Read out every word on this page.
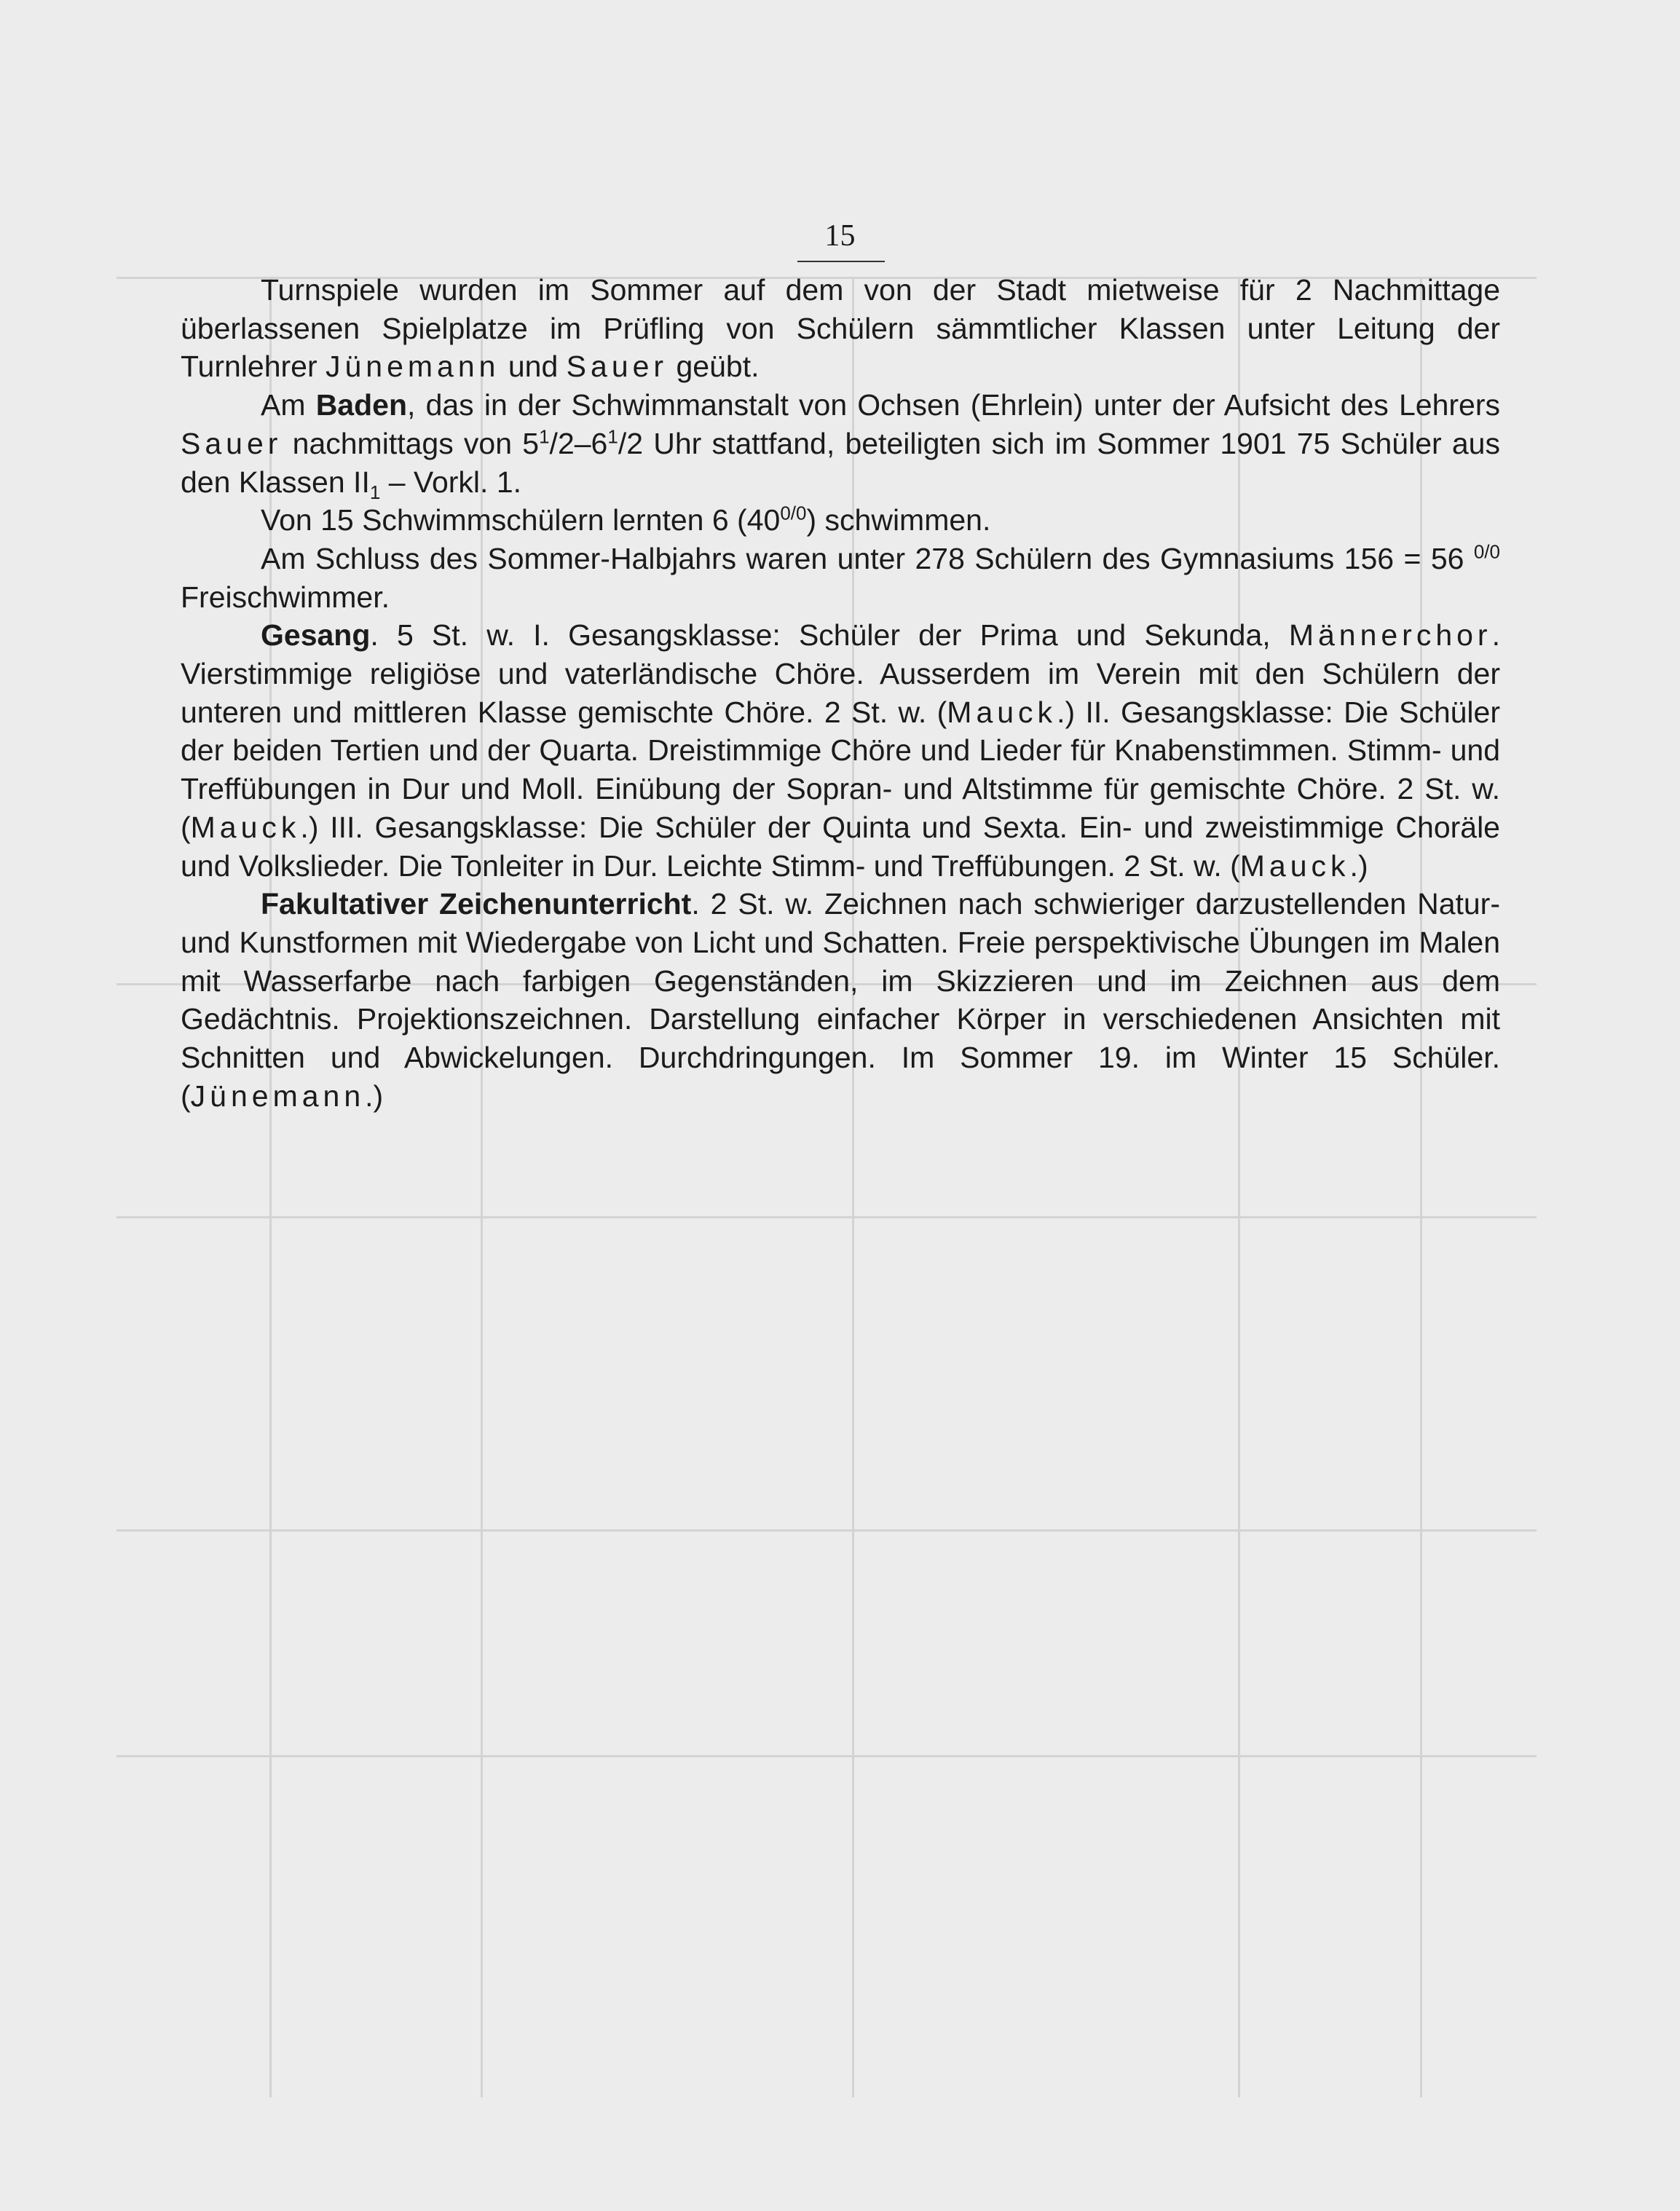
15

Turnspiele wurden im Sommer auf dem von der Stadt mietweise für 2 Nachmittage überlassenen Spielplatze im Prüfling von Schülern sämmtlicher Klassen unter Leitung der Turnlehrer Jünemann und Sauer geübt.

Am Baden, das in der Schwimmanstalt von Ochsen (Ehrlein) unter der Aufsicht des Lehrers Sauer nachmittags von $5^1/2-6^1/2$ Uhr stattfand, beteiligten sich im Sommer 1901 75 Schüler aus den Klassen $II_1$ – Vorkl. 1.

Von 15 Schwimmschülern lernten 6 $(40^{0/0})$ schwimmen.

Am Schluss des Sommer-Halbjahrs waren unter 278 Schülern des Gymnasiums 156 = 56 $^{0/0}$ Freischwimmer.

Gesang. 5 St. w. I. Gesangsklasse: Schüler der Prima und Sekunda, Männerchor. Vierstimmige religiöse und vaterländische Chöre. Ausserdem im Verein mit den Schülern der unteren und mittleren Klasse gemischte Chöre. 2 St. w. (Mauck.) II. Gesangsklasse: Die Schüler der beiden Tertien und der Quarta. Dreistimmige Chöre und Lieder für Knabenstimmen. Stimm- und Treffübungen in Dur und Moll. Einübung der Sopran- und Altstimme für gemischte Chöre. 2 St. w. (Mauck.) III. Gesangsklasse: Die Schüler der Quinta und Sexta. Ein- und zweistimmige Choräle und Volkslieder. Die Tonleiter in Dur. Leichte Stimm- und Treffübungen. 2 St. w. (Mauck.)

Fakultativer Zeichenunterricht. 2 St. w. Zeichnen nach schwieriger darzustellenden Natur- und Kunstformen mit Wiedergabe von Licht und Schatten. Freie perspektivische Übungen im Malen mit Wasserfarbe nach farbigen Gegenständen, im Skizzieren und im Zeichnen aus dem Gedächtnis. Projektionszeichnen. Darstellung einfacher Körper in verschiedenen Ansichten mit Schnitten und Abwickelungen. Durchdringungen. Im Sommer 19. im Winter 15 Schüler. (Jünemann.)
